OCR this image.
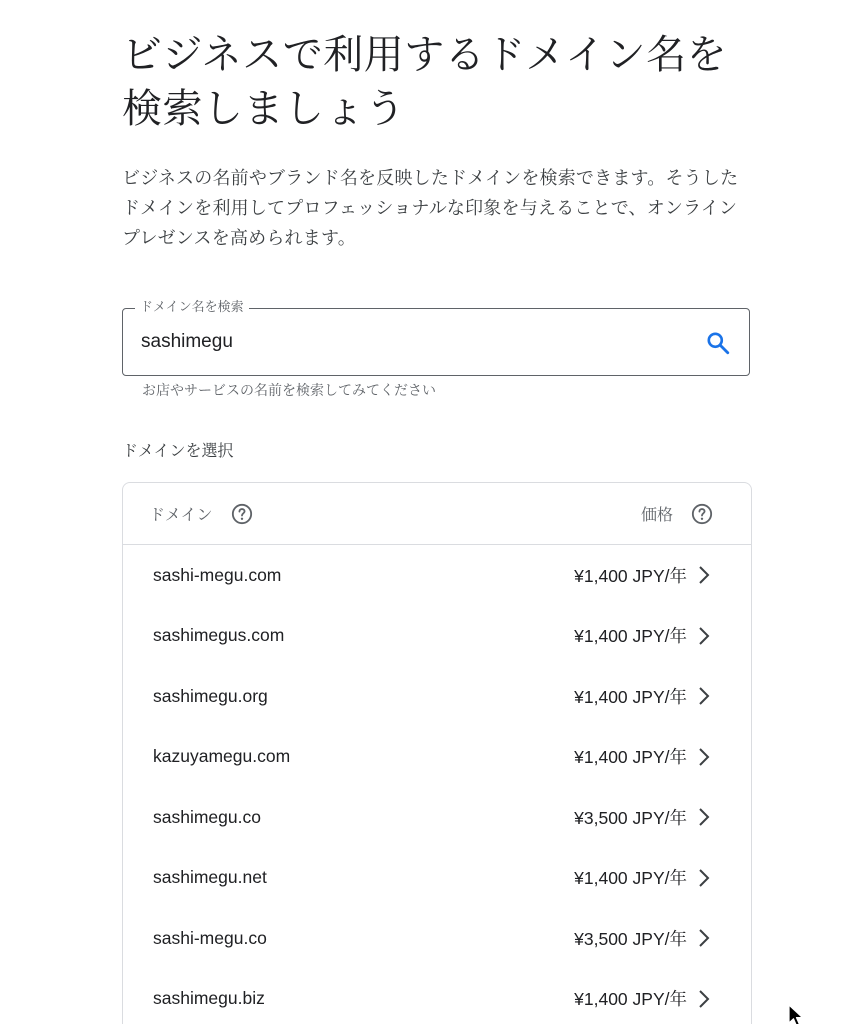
ビジネスで利用するドメイン名を検索しましょう

ビジネスの名前やブランド名を反映したドメインを検索できます。そうしたドメインを利用してプロフェッショナルな印象を与えることで、オンライン プレゼンスを高められます。

ドメイン名を検索
sashimegu
お店やサービスの名前を検索してみてください
ドメインを選択
ドメイン	価格
sashi-megu.com	¥1,400 JPY/年
sashimegus.com	¥1,400 JPY/年
sashimegu.org	¥1,400 JPY/年
kazuyamegu.com	¥1,400 JPY/年
sashimegu.co	¥3,500 JPY/年
sashimegu.net	¥1,400 JPY/年
sashi-megu.co	¥3,500 JPY/年
sashimegu.biz	¥1,400 JPY/年
